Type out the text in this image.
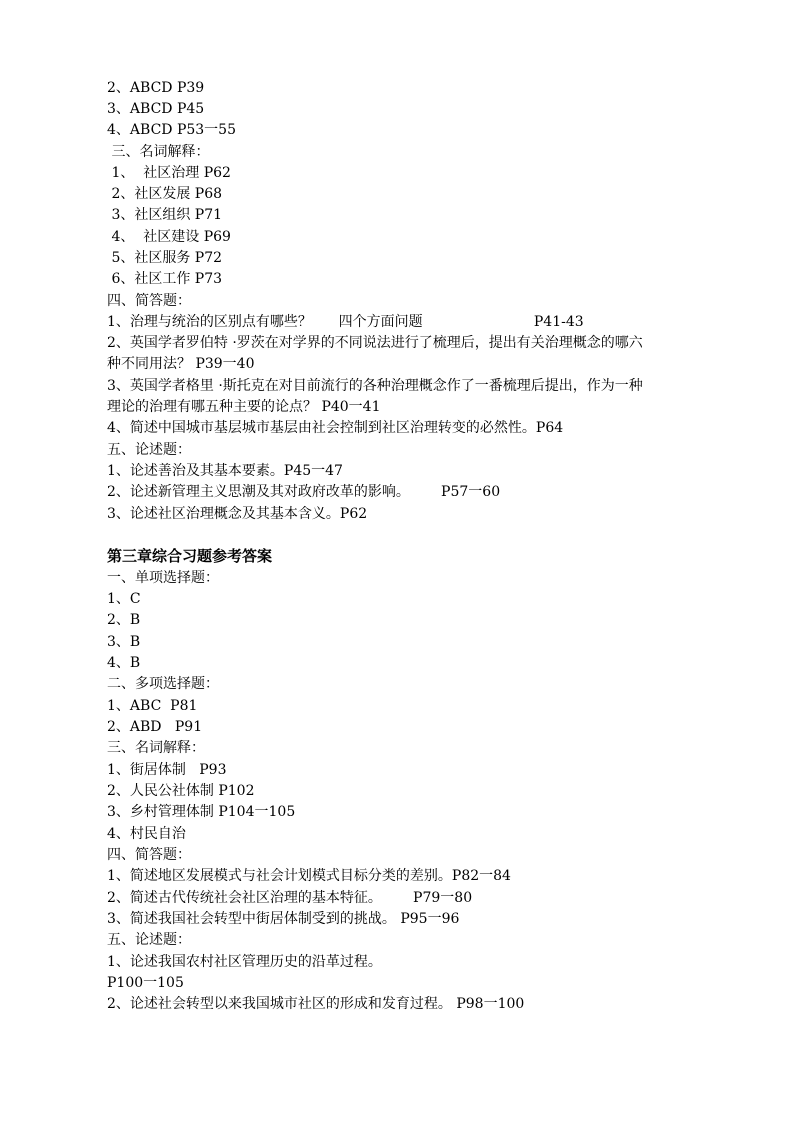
2、ABCD P39
3、ABCD P45
4、ABCD P53一55
三、名词解释：
1、  社区治理 P62
2、社区发展 P68
3、社区组织 P71
4、  社区建设 P69
5、社区服务 P72
6、社区工作 P73
四、简答题：
1、治理与统治的区别点有哪些？      四个方面问题                         P41-43
2、英国学者罗伯特 ·罗茨在对学界的不同说法进行了梳理后，提出有关治理概念的哪六
种不同用法？ P39一40
3、英国学者格里 ·斯托克在对目前流行的各种治理概念作了一番梳理后提出，作为一种
理论的治理有哪五种主要的论点？ P40一41
4、简述中国城市基层城市基层由社会控制到社区治理转变的必然性。P64
五、论述题：
1、论述善治及其基本要素。P45一47
2、论述新管理主义思潮及其对政府改革的影响。       P57一60
3、论述社区治理概念及其基本含义。P62
第三章综合习题参考答案
一、单项选择题：
1、C
2、B
3、B
4、B
二、多项选择题：
1、ABC  P81
2、ABD   P91
三、名词解释：
1、街居体制   P93
2、人民公社体制 P102
3、乡村管理体制 P104一105
4、村民自治
四、简答题：
1、简述地区发展模式与社会计划模式目标分类的差别。P82一84
2、简述古代传统社会社区治理的基本特征。       P79一80
3、简述我国社会转型中街居体制受到的挑战。 P95一96
五、论述题：
1、论述我国农村社区管理历史的沿革过程。
P100一105
2、论述社会转型以来我国城市社区的形成和发育过程。 P98一100
